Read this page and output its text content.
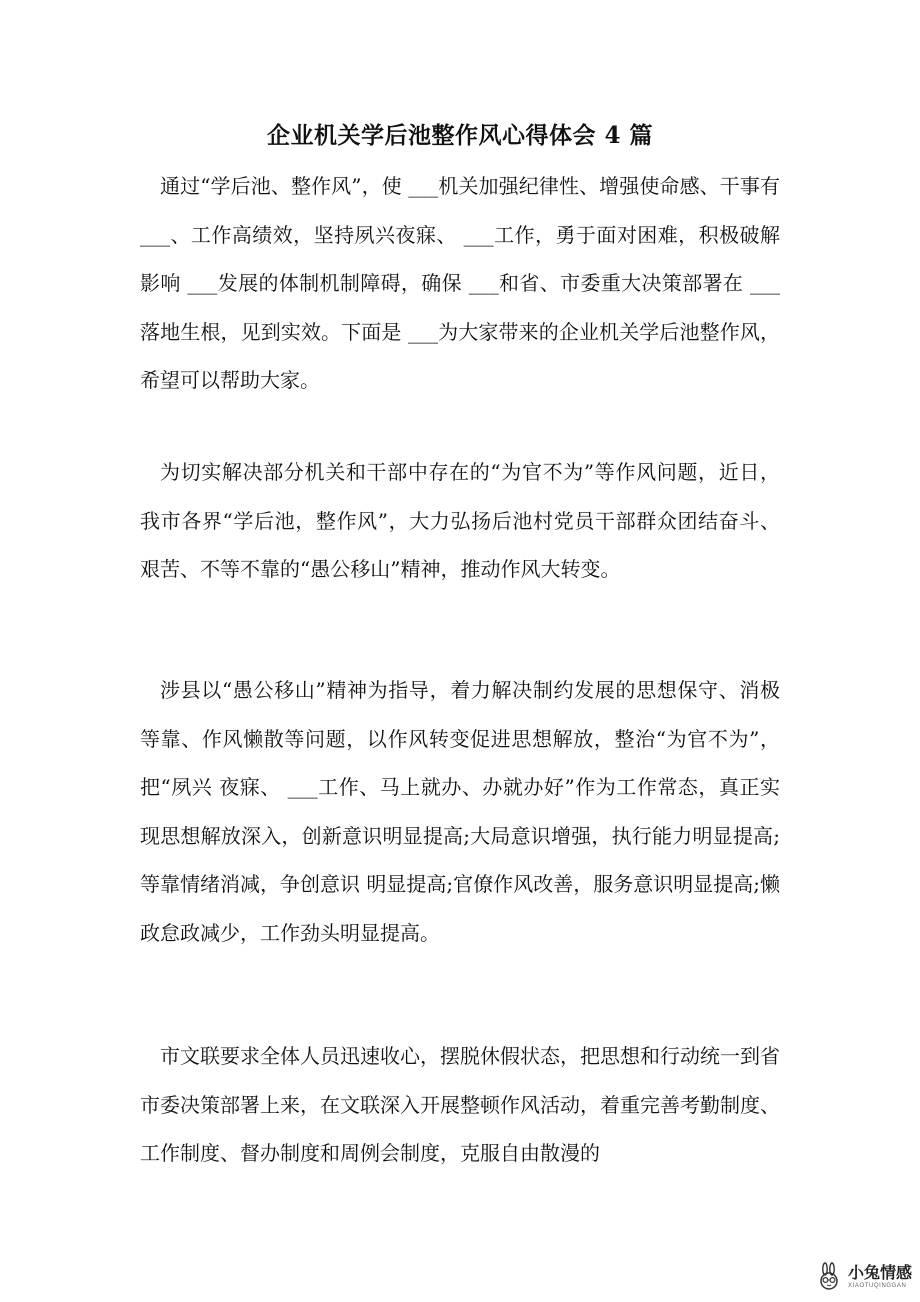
企业机关学后池整作风心得体会 4 篇

通过“学后池、整作风”，使 ___机关加强纪律性、增强使命感、干事有 ___、工作高绩效，坚持夙兴夜寐、 ___工作，勇于面对困难，积极破解影响 ___发展的体制机制障碍，确保 ___和省、市委重大决策部署在 ___落地生根，见到实效。下面是 ___为大家带来的企业机关学后池整作风，希望可以帮助大家。

为切实解决部分机关和干部中存在的“为官不为”等作风问题，近日，我市各界“学后池，整作风”，大力弘扬后池村党员干部群众团结奋斗、艰苦、不等不靠的“愚公移山”精神，推动作风大转变。

涉县以“愚公移山”精神为指导，着力解决制约发展的思想保守、消极等靠、作风懒散等问题，以作风转变促进思想解放，整治“为官不为”，把“夙兴 夜寐、 ___工作、马上就办、办就办好”作为工作常态，真正实现思想解放深入，创新意识明显提高;大局意识增强，执行能力明显提高;等靠情绪消减，争创意识 明显提高;官僚作风改善，服务意识明显提高;懒政怠政减少，工作劲头明显提高。

市文联要求全体人员迅速收心，摆脱休假状态，把思想和行动统一到省市委决策部署上来，在文联深入开展整顿作风活动，着重完善考勤制度、工作制度、督办制度和周例会制度，克服自由散漫的

小兔情感
XIAOTUQINGGAN
